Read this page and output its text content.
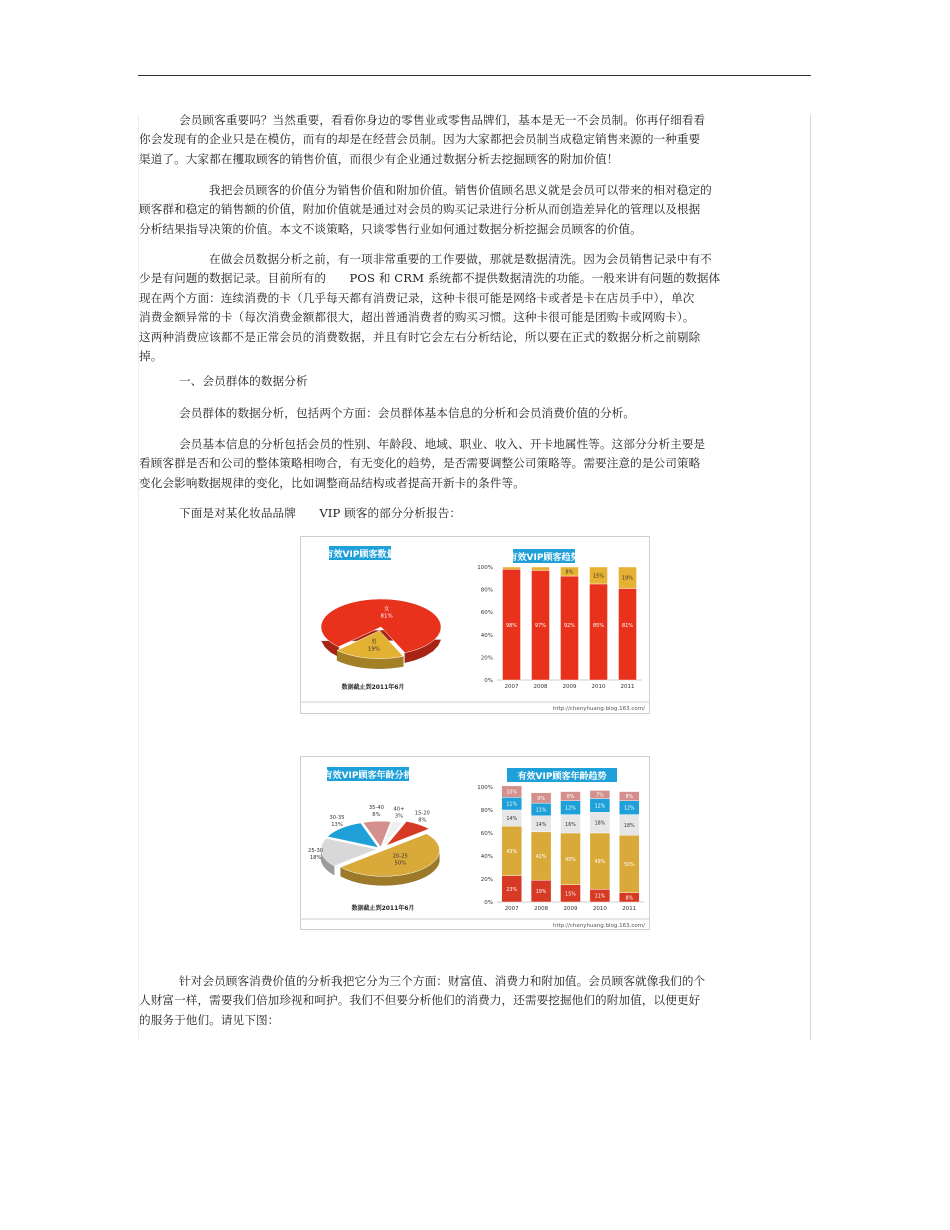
会员顾客重要吗？当然重要，看看你身边的零售业或零售品牌们，基本是无一不会员制。你再仔细看看
你会发现有的企业只是在模仿，而有的却是在经营会员制。因为大家都把会员制当成稳定销售来源的一种重要
渠道了。大家都在攫取顾客的销售价值，而很少有企业通过数据分析去挖掘顾客的附加价值！
我把会员顾客的价值分为销售价值和附加价值。销售价值顾名思义就是会员可以带来的相对稳定的
顾客群和稳定的销售额的价值，附加价值就是通过对会员的购买记录进行分析从而创造差异化的管理以及根据
分析结果指导决策的价值。本文不谈策略，只谈零售行业如何通过数据分析挖掘会员顾客的价值。
在做会员数据分析之前，有一项非常重要的工作要做，那就是数据清洗。因为会员销售记录中有不
少是有问题的数据记录。目前所有的　　POS 和 CRM 系统都不提供数据清洗的功能。一般来讲有问题的数据体
现在两个方面：连续消费的卡（几乎每天都有消费记录，这种卡很可能是网络卡或者是卡在店员手中），单次
消费金额异常的卡（每次消费金额都很大，超出普通消费者的购买习惯。这种卡很可能是团购卡或网购卡）。
这两种消费应该都不是正常会员的消费数据，并且有时它会左右分析结论，所以要在正式的数据分析之前剔除
掉。
一、会员群体的数据分析
会员群体的数据分析，包括两个方面：会员群体基本信息的分析和会员消费价值的分析。
会员基本信息的分析包括会员的性别、年龄段、地域、职业、收入、开卡地属性等。这部分分析主要是
看顾客群是否和公司的整体策略相吻合，有无变化的趋势，是否需要调整公司策略等。需要注意的是公司策略
变化会影响数据规律的变化，比如调整商品结构或者提高开新卡的条件等。
下面是对某化妆品品牌　　VIP 顾客的部分分析报告：
有效VIP顾客数量
女
81%
男
19%
数据截止到2011年6月
有效VIP顾客趋势
0%
20%
40%
60%
80%
100%
98%
2007
97%
2008
92%
8%
2009
85%
15%
2010
81%
19%
2011
http://chenyhuang.blog.163.com/
有效VIP顾客年龄分析
20-25
50%
25-30
18%
30-35
13%
35-40
8%
40+
3%
15-20
8%
数据截止到2011年6月
有效VIP顾客年龄趋势
0%
20%
40%
60%
80%
100%
23%
43%
14%
11%
10%
2007
19%
42%
14%
11%
9%
2008
15%
45%
16%
12%
8%
2009
11%
49%
18%
12%
7%
2010
8%
50%
18%
12%
8%
2011
http://chenyhuang.blog.163.com/
针对会员顾客消费价值的分析我把它分为三个方面：财富值、消费力和附加值。会员顾客就像我们的个
人财富一样，需要我们倍加珍视和呵护。我们不但要分析他们的消费力，还需要挖掘他们的附加值，以便更好
的服务于他们。请见下图：
